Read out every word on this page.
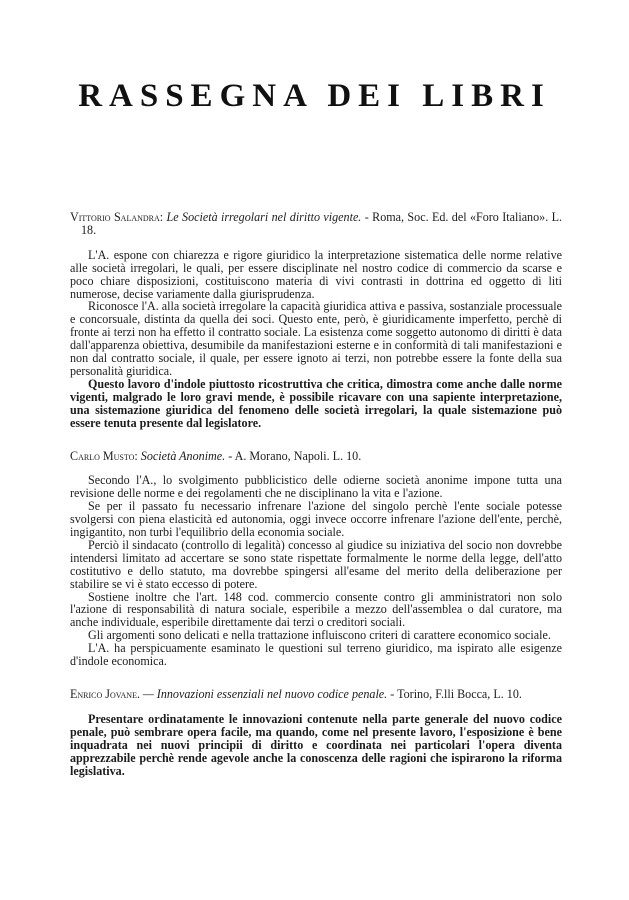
RASSEGNA DEI LIBRI

Vittorio Salandra: Le Società irregolari nel diritto vigente. - Roma, Soc. Ed. del «Foro Italiano». L. 18.

L'A. espone con chiarezza e rigore giuridico la interpretazione sistematica delle norme relative alle società irregolari, le quali, per essere disciplinate nel nostro codice di commercio da scarse e poco chiare disposizioni, costituiscono materia di vivi contrasti in dottrina ed oggetto di liti numerose, decise variamente dalla giurisprudenza.

Riconosce l'A. alla società irregolare la capacità giuridica attiva e passiva, sostanziale processuale e concorsuale, distinta da quella dei soci. Questo ente, però, è giuridicamente imperfetto, perchè di fronte ai terzi non ha effetto il contratto sociale. La esistenza come soggetto autonomo di diritti è data dall'apparenza obiettiva, desumibile da manifestazioni esterne e in conformità di tali manifestazioni e non dal contratto sociale, il quale, per essere ignoto ai terzi, non potrebbe essere la fonte della sua personalità giuridica.

Questo lavoro d'indole piuttosto ricostruttiva che critica, dimostra come anche dalle norme vigenti, malgrado le loro gravi mende, è possibile ricavare con una sapiente interpretazione, una sistemazione giuridica del fenomeno delle società irregolari, la quale sistemazione può essere tenuta presente dal legislatore.

Carlo Musto: Società Anonime. - A. Morano, Napoli. L. 10.

Secondo l'A., lo svolgimento pubblicistico delle odierne società anonime impone tutta una revisione delle norme e dei regolamenti che ne disciplinano la vita e l'azione.

Se per il passato fu necessario infrenare l'azione del singolo perchè l'ente sociale potesse svolgersi con piena elasticità ed autonomia, oggi invece occorre infrenare l'azione dell'ente, perchè, ingigantito, non turbi l'equilibrio della economia sociale.

Perciò il sindacato (controllo di legalità) concesso al giudice su iniziativa del socio non dovrebbe intendersi limitato ad accertare se sono state rispettate formalmente le norme della legge, dell'atto costitutivo e dello statuto, ma dovrebbe spingersi all'esame del merito della deliberazione per stabilire se vi è stato eccesso di potere.

Sostiene inoltre che l'art. 148 cod. commercio consente contro gli amministratori non solo l'azione di responsabilità di natura sociale, esperibile a mezzo dell'assemblea o dal curatore, ma anche individuale, esperibile direttamente dai terzi o creditori sociali.

Gli argomenti sono delicati e nella trattazione influiscono criteri di carattere economico sociale.

L'A. ha perspicuamente esaminato le questioni sul terreno giuridico, ma ispirato alle esigenze d'indole economica.

Enrico Jovane. — Innovazioni essenziali nel nuovo codice penale. - Torino, F.lli Bocca, L. 10.

Presentare ordinatamente le innovazioni contenute nella parte generale del nuovo codice penale, può sembrare opera facile, ma quando, come nel presente lavoro, l'esposizione è bene inquadrata nei nuovi principii di diritto e coordinata nei particolari l'opera diventa apprezzabile perchè rende agevole anche la conoscenza delle ragioni che ispirarono la riforma legislativa.
